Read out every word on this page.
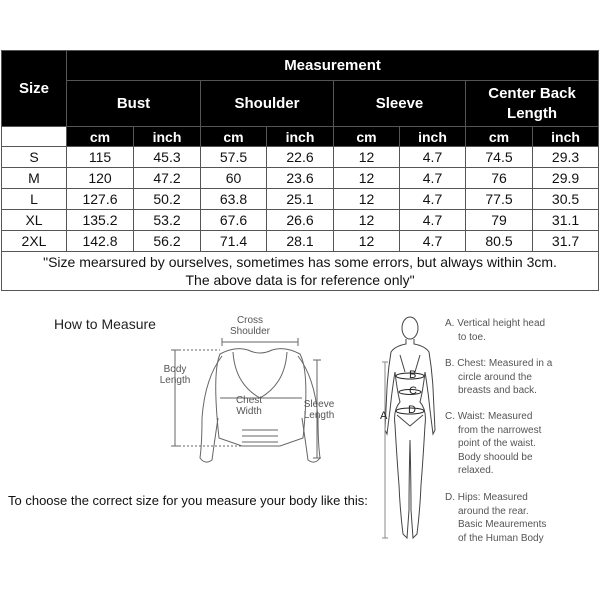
Size	Measurement							
	Bust		Shoulder		Sleeve		Center Back Length	
	cm	inch	cm	inch	cm	inch	cm	inch
S	115	45.3	57.5	22.6	12	4.7	74.5	29.3
M	120	47.2	60	23.6	12	4.7	76	29.9
L	127.6	50.2	63.8	25.1	12	4.7	77.5	30.5
XL	135.2	53.2	67.6	26.6	12	4.7	79	31.1
2XL	142.8	56.2	71.4	28.1	12	4.7	80.5	31.7
"Size mearsured by ourselves, sometimes has some errors, but always within 3cm.
The above data is for reference only"								
How to Measure	Cross
Shoulder
Body
Length
Chest
Width
Sleeve
Length
B
C
D
A
A. Vertical height head
to toe.
B. Chest: Measured in a
circle around the
breasts and back.
C. Waist: Measured
from the narrowest
point of the waist.
Body shoould be
relaxed.
D. Hips: Measured
around the rear.
Basic Meaurements
of the Human Body
To choose the correct size for you measure your body like this:
